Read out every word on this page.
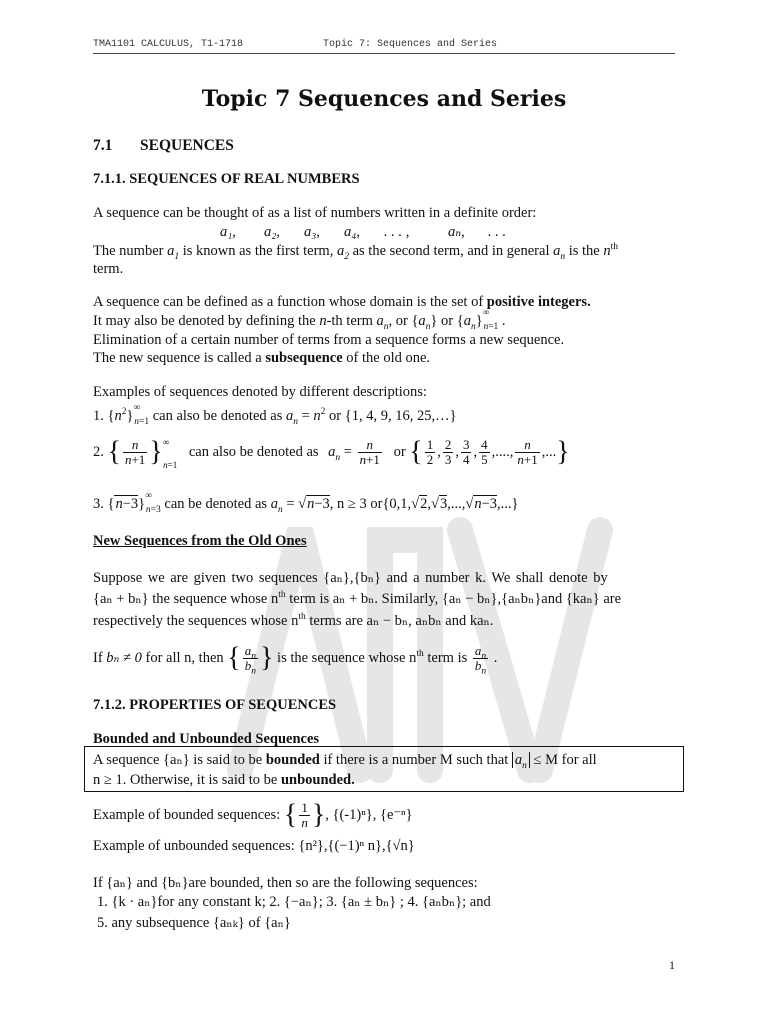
TMA1101 CALCULUS, T1-1718	Topic 7: Sequences and Series
Topic 7 Sequences and Series
7.1 SEQUENCES
7.1.1. SEQUENCES OF REAL NUMBERS
A sequence can be thought of as a list of numbers written in a definite order:
a₁, a₂, a₃, a₄, . . . ,	aₙ, . . .
The number $a_1$ is known as the first term, $a_2$ as the second term, and in general $a_n$ is the $n^{th}$
term.
A sequence can be defined as a function whose domain is the set of positive integers.
It may also be denoted by defining the n-th term $a_n$, or $\{a_n\}$ or $\{a_n\}^\infty_{n=1}$ .
Elimination of a certain number of terms from a sequence forms a new sequence.
The new sequence is called a subsequence of the old one.
Examples of sequences denoted by different descriptions:
1. $\{n^2\}^\infty_{n=1}$ can also be denoted as $a_n = n^2$ or {1, 4, 9, 16, 25,…}
2. { $\frac{n}{n+1} \}^\infty_{n=1}$ can also be denoted as $a_n = \frac{n}{n+1}$ or { $\frac{1}{2}$ , $\frac{2}{3}$ , $\frac{3}{4}$ , $\frac{4}{5}$ ,...., $\frac{n}{n+1}$ ,...}
3. $\{n-3\}^\infty_{n=3}$ can be denoted as $a_n = √n-3$, n ≥ 3 or{0,1,√2,√3,...,√n−3,...}
New Sequences from the Old Ones
Suppose we are given two sequences {aₙ},{bₙ} and a number k. We shall denote by
{aₙ + bₙ} the sequence whose $n^{th}$ term is aₙ + bₙ. Similarly, {aₙ − bₙ},{aₙbₙ}and {kaₙ} are
respectively the sequences whose $n^{th}$ terms are aₙ − bₙ, aₙbₙ and kaₙ.
If bₙ ≠ 0 for all n, then { $\frac{a_n}{b_n}$ } is the sequence whose $n^{th}$ term is $\frac{a_n}{b_n}$ .
7.1.2. PROPERTIES OF SEQUENCES
Bounded and Unbounded Sequences
A sequence {aₙ} is said to be bounded if there is a number M such that $a_n \le M$ for all
n ≥ 1. Otherwise, it is said to be unbounded.
Example of bounded sequences: { $\frac{1}{n}$ }, {(-1)ⁿ}, {e⁻ⁿ}
Example of unbounded sequences: {n²},{(−1)ⁿ n},{√n}
If {aₙ} and {bₙ}are bounded, then so are the following sequences:
1. {k · aₙ}for any constant k; 2. {−aₙ}; 3. {aₙ ± bₙ} ; 4. {aₙbₙ}; and
5. any subsequence {aₙₖ} of {aₙ}
1
